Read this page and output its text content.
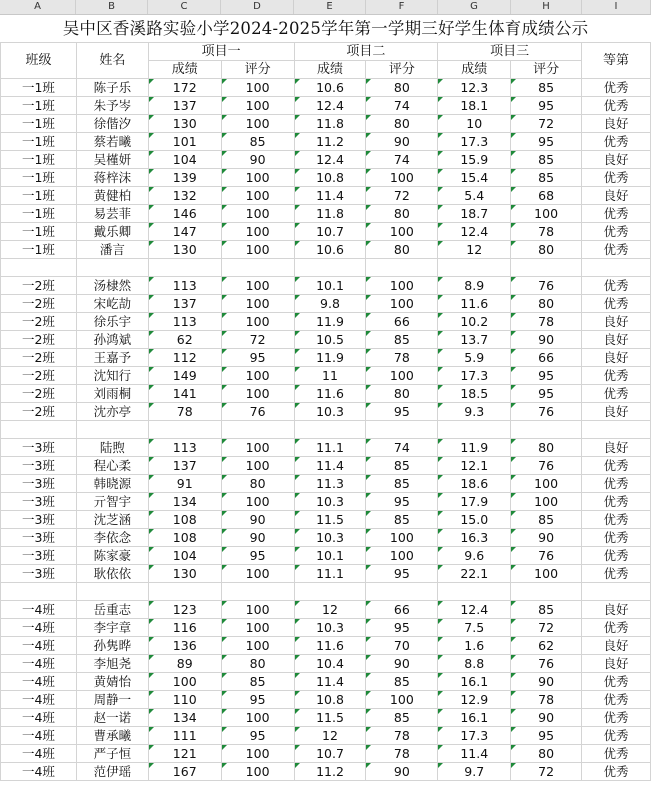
A	B	C	D	E	F	G	H	I
吴中区香溪路实验小学2024-2025学年第一学期三好学生体育成绩公示
班级	姓名	项目一		项目二		项目三		等第
		成绩	评分	成绩	评分	成绩	评分	
一1班	陈子乐	172	100	10.6	80	12.3	85	优秀
一1班	朱予岑	137	100	12.4	74	18.1	95	优秀
一1班	徐偕汐	130	100	11.8	80	10	72	良好
一1班	蔡若曦	101	85	11.2	90	17.3	95	优秀
一1班	吴槿妍	104	90	12.4	74	15.9	85	良好
一1班	蒋梓沫	139	100	10.8	100	15.4	85	优秀
一1班	黄健柏	132	100	11.4	72	5.4	68	良好
一1班	易芸菲	146	100	11.8	80	18.7	100	优秀
一1班	戴乐卿	147	100	10.7	100	12.4	78	优秀
一1班	潘言	130	100	10.6	80	12	80	优秀

一2班	汤棣然	113	100	10.1	100	8.9	76	优秀
一2班	宋屹劼	137	100	9.8	100	11.6	80	优秀
一2班	徐乐宇	113	100	11.9	66	10.2	78	良好
一2班	孙鸿斌	62	72	10.5	85	13.7	90	良好
一2班	王嘉予	112	95	11.9	78	5.9	66	良好
一2班	沈知行	149	100	11	100	17.3	95	优秀
一2班	刘雨桐	141	100	11.6	80	18.5	95	优秀
一2班	沈亦亭	78	76	10.3	95	9.3	76	良好

一3班	陆煦	113	100	11.1	74	11.9	80	良好
一3班	程心柔	137	100	11.4	85	12.1	76	优秀
一3班	韩晓源	91	80	11.3	85	18.6	100	优秀
一3班	亓智宇	134	100	10.3	95	17.9	100	优秀
一3班	沈芝涵	108	90	11.5	85	15.0	85	优秀
一3班	李依念	108	90	10.3	100	16.3	90	优秀
一3班	陈家豪	104	95	10.1	100	9.6	76	优秀
一3班	耿依依	130	100	11.1	95	22.1	100	优秀

一4班	岳重志	123	100	12	66	12.4	85	良好
一4班	李宇章	116	100	10.3	95	7.5	72	优秀
一4班	孙隽晔	136	100	11.6	70	1.6	62	良好
一4班	李旭尧	89	80	10.4	90	8.8	76	良好
一4班	黄婧怡	100	85	11.4	85	16.1	90	优秀
一4班	周静一	110	95	10.8	100	12.9	78	优秀
一4班	赵一诺	134	100	11.5	85	16.1	90	优秀
一4班	曹承曦	111	95	12	78	17.3	95	优秀
一4班	严子恒	121	100	10.7	78	11.4	80	优秀
一4班	范伊瑶	167	100	11.2	90	9.7	72	优秀
